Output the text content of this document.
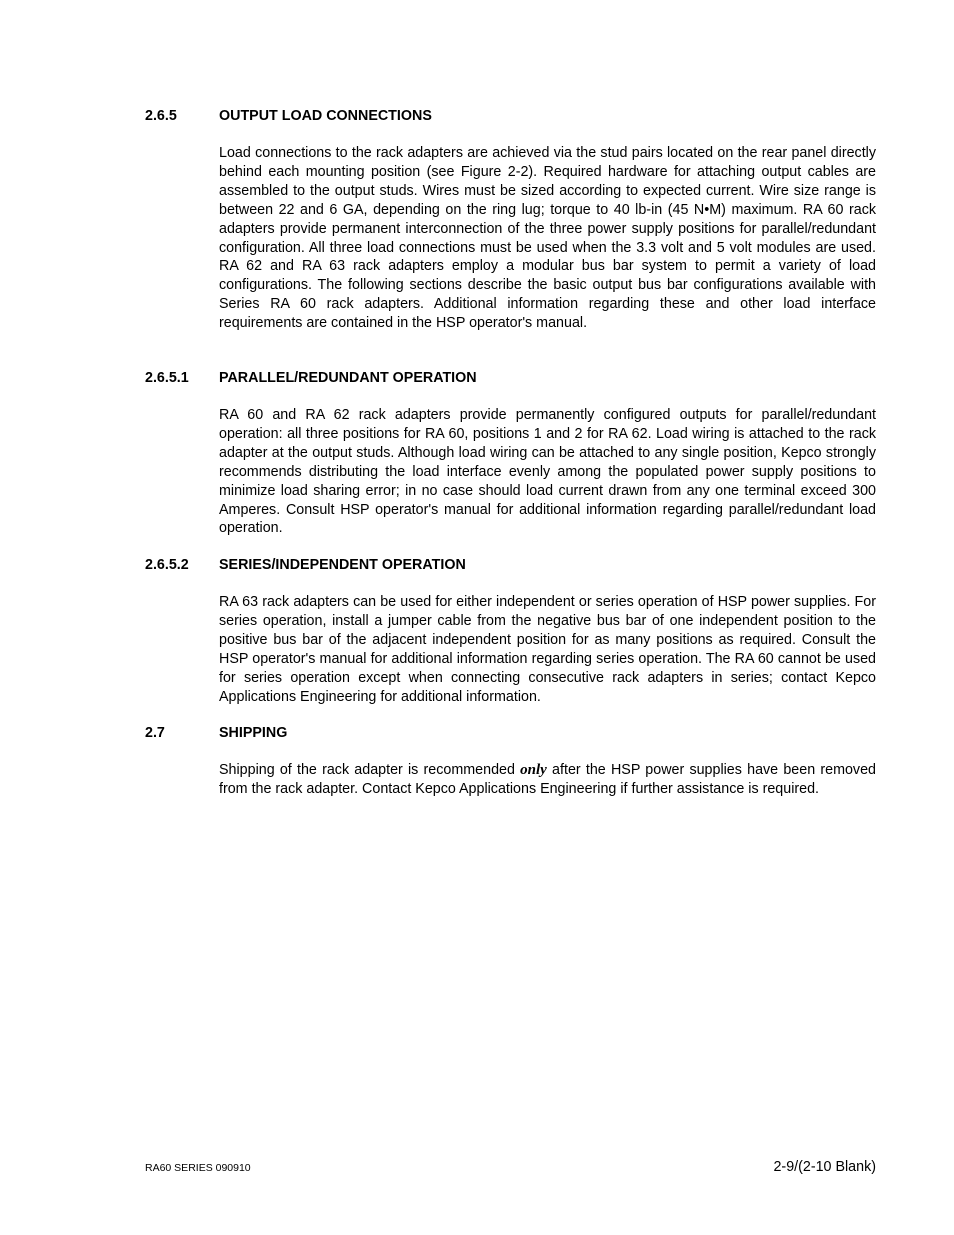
2.6.5	OUTPUT LOAD CONNECTIONS

Load connections to the rack adapters are achieved via the stud pairs located on the rear panel directly behind each mounting position (see Figure 2-2). Required hardware for attaching output cables are assembled to the output studs. Wires must be sized according to expected current. Wire size range is between 22 and 6 GA, depending on the ring lug; torque to 40 lb-in (45 N•M) maximum. RA 60 rack adapters provide permanent interconnection of the three power supply positions for parallel/redundant configuration. All three load connections must be used when the 3.3 volt and 5 volt modules are used. RA 62 and RA 63 rack adapters employ a modular bus bar system to permit a variety of load configurations. The following sections describe the basic output bus bar configurations available with Series RA 60 rack adapters. Additional information regarding these and other load interface requirements are contained in the HSP operator's manual.

2.6.5.1	PARALLEL/REDUNDANT OPERATION

RA 60 and RA 62 rack adapters provide permanently configured outputs for parallel/redundant operation: all three positions for RA 60, positions 1 and 2 for RA 62. Load wiring is attached to the rack adapter at the output studs. Although load wiring can be attached to any single position, Kepco strongly recommends distributing the load interface evenly among the populated power supply positions to minimize load sharing error; in no case should load current drawn from any one terminal exceed 300 Amperes. Consult HSP operator's manual for additional information regarding parallel/redundant load operation.

2.6.5.2	SERIES/INDEPENDENT OPERATION

RA 63 rack adapters can be used for either independent or series operation of HSP power supplies. For series operation, install a jumper cable from the negative bus bar of one independent position to the positive bus bar of the adjacent independent position for as many positions as required. Consult the HSP operator's manual for additional information regarding series operation. The RA 60 cannot be used for series operation except when connecting consecutive rack adapters in series; contact Kepco Applications Engineering for additional information.

2.7	SHIPPING

Shipping of the rack adapter is recommended only after the HSP power supplies have been removed from the rack adapter. Contact Kepco Applications Engineering if further assistance is required.

RA60 SERIES 090910	2-9/(2-10 Blank)
